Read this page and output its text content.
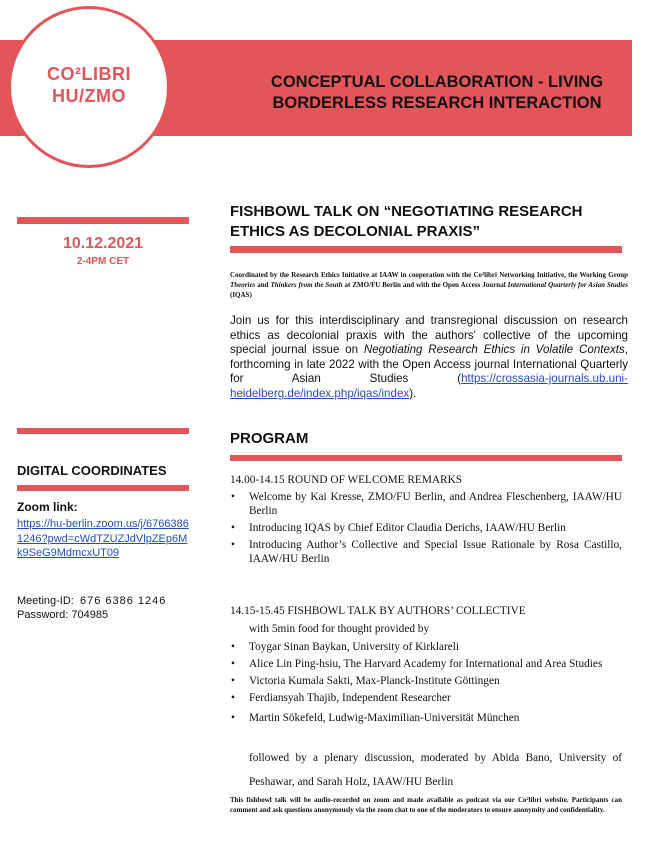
CONCEPTUAL COLLABORATION - LIVING
BORDERLESS RESEARCH INTERACTION
CO²LIBRI
HU/ZMO

10.12.2021

2-4PM CET

FISHBOWL TALK ON “NEGOTIATING RESEARCH
ETHICS AS DECOLONIAL PRAXIS”

Coordinated by the Research Ethics Initiative at IAAW in cooperation with the Co²libri Networking Initiative, the Working Group Theories and Thinkers from the South at ZMO/FU Berlin and with the Open Access Journal International Quarterly for Asian Studies (IQAS)

Join us for this interdisciplinary and transregional discussion on research ethics as decolonial praxis with the authors' collective of the upcoming special journal issue on Negotiating Research Ethics in Volatile Contexts, forthcoming in late 2022 with the Open Access journal International Quarterly for Asian Studies (https://crossasia-journals.ub.uni-heidelberg.de/index.php/iqas/index).

PROGRAM

14.00-14.15 ROUND OF WELCOME REMARKS

• Welcome by Kai Kresse, ZMO/FU Berlin, and Andrea Fleschenberg, IAAW/HU Berlin
• Introducing IQAS by Chief Editor Claudia Derichs, IAAW/HU Berlin
• Introducing Author’s Collective and Special Issue Rationale by Rosa Castillo, IAAW/HU Berlin

14.15-15.45 FISHBOWL TALK BY AUTHORS’ COLLECTIVE

with 5min food for thought provided by

• Toygar Sinan Baykan, University of Kirklareli
• Alice Lin Ping-hsiu, The Harvard Academy for International and Area Studies
• Victoria Kumala Sakti, Max-Planck-Institute Göttingen
• Ferdiansyah Thajib, Independent Researcher
• Martin Sökefeld, Ludwig-Maximilian-Universität München

followed by a plenary discussion, moderated by Abida Bano, University of Peshawar, and Sarah Holz, IAAW/HU Berlin

This fishbowl talk will be audio-recorded on zoom and made available as podcast via our Co²libri website. Participants can comment and ask questions anonymously via the zoom chat to one of the moderators to ensure anonymity and confidentiality.

DIGITAL COORDINATES

Zoom link:

https://hu-berlin.zoom.us/j/67663861246?pwd=cWdTZUZJdVlpZEp6Mk9SeG9MdmcxUT09

Meeting-ID: 676 6386 1246
Password: 704985
